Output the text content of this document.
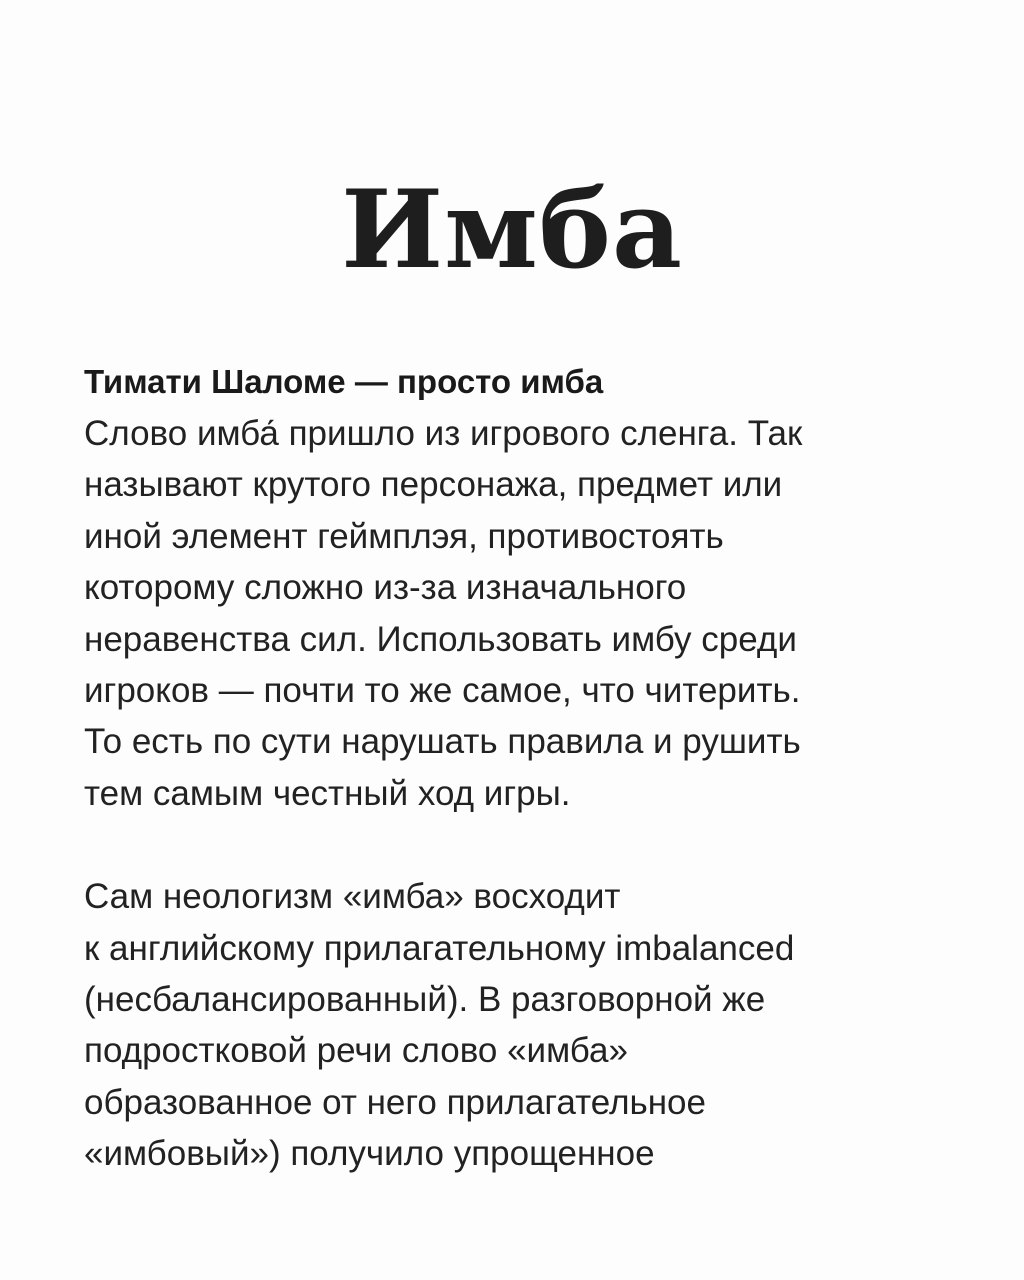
Имба
Тимати Шаломе — просто имба
Слово имба́ пришло из игрового сленга. Так
называют крутого персонажа, предмет или
иной элемент геймплэя, противостоять
которому сложно из-за изначального
неравенства сил. Использовать имбу среди
игроков — почти то же самое, что читерить.
То есть по сути нарушать правила и рушить
тем самым честный ход игры.
Сам неологизм «имба» восходит
к английскому прилагательному imbalanced
(несбалансированный). В разговорной же
подростковой речи слово «имба»
образованное от него прилагательное
«имбовый») получило упрощенное
